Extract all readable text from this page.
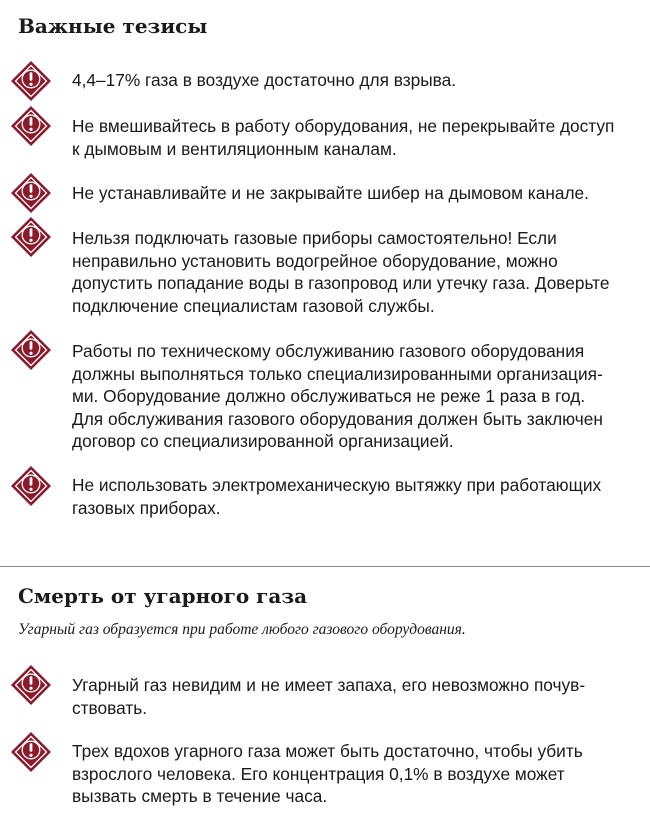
Важные тезисы
4,4–17% газа в воздухе достаточно для взрыва.
Не вмешивайтесь в работу оборудования, не перекрывайте доступ
к дымовым и вентиляционным каналам.
Не устанавливайте и не закрывайте шибер на дымовом канале.
Нельзя подключать газовые приборы самостоятельно! Если
неправильно установить водогрейное оборудование, можно
допустить попадание воды в газопровод или утечку газа. Доверьте
подключение специалистам газовой службы.
Работы по техническому обслуживанию газового оборудования
должны выполняться только специализированными организация-
ми. Оборудование должно обслуживаться не реже 1 раза в год.
Для обслуживания газового оборудования должен быть заключен
договор со специализированной организацией.
Не использовать электромеханическую вытяжку при работающих
газовых приборах.
Смерть от угарного газа

Угарный газ образуется при работе любого газового оборудования.

Угарный газ невидим и не имеет запаха, его невозможно почув-
ствовать.
Трех вдохов угарного газа может быть достаточно, чтобы убить
взрослого человека. Его концентрация 0,1% в воздухе может
вызвать смерть в течение часа.
